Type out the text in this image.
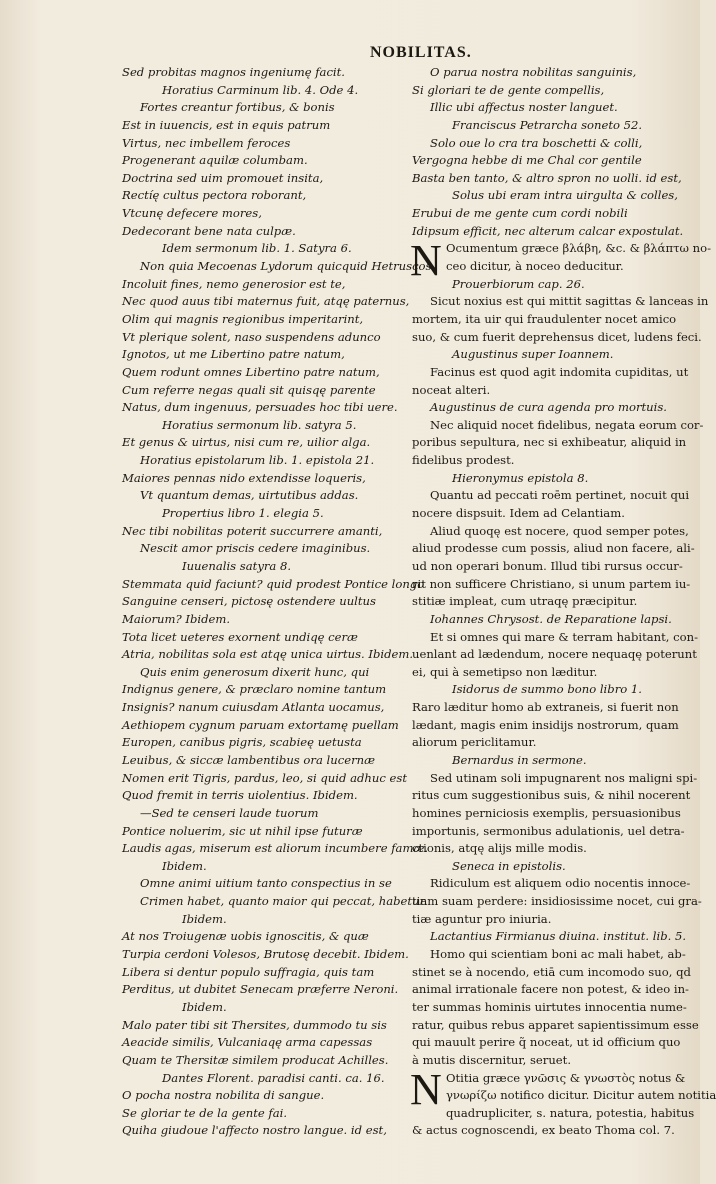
NOBILITAS.
Sed probitas magnos ingeniumę facit.
Horatius Carminum lib. 4. Ode 4.
Fortes creantur fortibus, & bonis
Est in iuuencis, est in equis patrum
Virtus, nec imbellem feroces
Progenerant aquilæ columbam.
Doctrina sed uim promouet insita,
Rectíę cultus pectora roborant,
Vtcunę defecere mores,
Dedecorant bene nata culpæ.
Idem sermonum lib. 1. Satyra 6.
Non quia Mecoenas Lydorum quicquid Hetruscos
Incoluit fines, nemo generosior est te,
Nec quod auus tibi maternus fuit, atqę paternus,
Olim qui magnis regionibus imperitarint,
Vt plerique solent, naso suspendens adunco
Ignotos, ut me Libertino patre natum,
Quem rodunt omnes Libertino patre natum,
Cum referre negas quali sit quisqę parente
Natus, dum ingenuus, persuades hoc tibi uere.
Horatius sermonum lib. satyra 5.
Et genus & uirtus, nisi cum re, uilior alga.
Horatius epistolarum lib. 1. epistola 21.
Maiores pennas nido extendisse loqueris,
Vt quantum demas, uirtutibus addas.
Propertius libro 1. elegia 5.
Nec tibi nobilitas poterit succurrere amanti,
Nescit amor priscis cedere imaginibus.
Iuuenalis satyra 8.
Stemmata quid faciunt? quid prodest Pontice longo
Sanguine censeri, pictosę ostendere uultus
Maiorum? Ibidem.
Tota licet ueteres exornent undiqę ceræ
Atria, nobilitas sola est atqę unica uirtus. Ibidem.
Quis enim generosum dixerit hunc, qui
Indignus genere, & præclaro nomine tantum
Insignis? nanum cuiusdam Atlanta uocamus,
Aethiopem cygnum paruam extortamę puellam
Europen, canibus pigris, scabieę uetusta
Leuibus, & siccæ lambentibus ora lucernæ
Nomen erit Tigris, pardus, leo, si quid adhuc est
Quod fremit in terris uiolentius. Ibidem.
—Sed te censeri laude tuorum
Pontice noluerim, sic ut nihil ipse futuræ
Laudis agas, miserum est aliorum incumbere famæ.
Ibidem.
Omne animi uitium tanto conspectius in se
Crimen habet, quanto maior qui peccat, habetur.
Ibidem.
At nos Troiugenæ uobis ignoscitis, & quæ
Turpia cerdoni Volesos, Brutosę decebit. Ibidem.
Libera si dentur populo suffragia, quis tam
Perditus, ut dubitet Senecam præferre Neroni.
Ibidem.
Malo pater tibi sit Thersites, dummodo tu sis
Aeacide similis, Vulcaniaqę arma capessas
Quam te Thersitæ similem producat Achilles.
Dantes Florent. paradisi canti. ca. 16.
O pocha nostra nobilita di sangue.
Se gloriar te de la gente fai.
Quiha giudoue l'affecto nostro langue. id est,
O parua nostra nobilitas sanguinis,
Si gloriari te de gente compellis,
Illic ubi affectus noster languet.
Franciscus Petrarcha soneto 52.
Solo oue lo cra tra boschetti & colli,
Vergogna hebbe di me Chal cor gentile
Basta ben tanto, & altro spron no uolli. id est,
Solus ubi eram intra uirgulta & colles,
Erubui de me gente cum cordi nobili
Idipsum efficit, nec alterum calcar expostulat.
Ocumentum græce βλάβη, &c. & βλάπτω no-
N ceo dicitur, à noceo deducitur.
Prouerbiorum cap. 26.
Sicut noxius est qui mittit sagittas & lanceas in
mortem, ita uir qui fraudulenter nocet amico
suo, & cum fuerit deprehensus dicet, ludens feci.
Augustinus super Ioannem.
Facinus est quod agit indomita cupiditas, ut
noceat alteri.
Augustinus de cura agenda pro mortuis.
Nec aliquid nocet fidelibus, negata eorum cor-
poribus sepultura, nec si exhibeatur, aliquid in
fidelibus prodest.
Hieronymus epistola 8.
Quantu ad peccati roēm pertinet, nocuit qui
nocere dispsuit. Idem ad Celantiam.
Aliud quoqę est nocere, quod semper potes,
aliud prodesse cum possis, aliud non facere, ali-
ud non operari bonum. Illud tibi rursus occur-
rit non sufficere Christiano, si unum partem iu-
stitiæ impleat, cum utraqę præcipitur.
Iohannes Chrysost. de Reparatione lapsi.
Et si omnes qui mare & terram habitant, con-
uenlant ad lædendum, nocere nequaqę poterunt
ei, qui à semetipso non læditur.
Isidorus de summo bono libro 1.
Raro læditur homo ab extraneis, si fuerit non
lædant, magis enim insidijs nostrorum, quam
aliorum periclitamur.
Bernardus in sermone.
Sed utinam soli impugnarent nos maligni spi-
ritus cum suggestionibus suis, & nihil nocerent
homines perniciosis exemplis, persuasionibus
importunis, sermonibus adulationis, uel detra-
ctionis, atqę alijs mille modis.
Seneca in epistolis.
Ridiculum est aliquem odio nocentis innoce-
tiam suam perdere: insidiosissime nocet, cui gra-
tiæ aguntur pro iniuria.
Lactantius Firmianus diuina. institut. lib. 5.
Homo qui scientiam boni ac mali habet, ab-
stinet se à nocendo, etiā cum incomodo suo, qd
animal irrationale facere non potest, & ideo in-
ter summas hominis uirtutes innocentia nume-
ratur, quibus rebus apparet sapientissimum esse
qui mauult perire q̃ noceat, ut id officium quo
à mutis discernitur, seruet.
Otitia græce γνῶσις & γνωστὸς notus &
N γνωρίζω notifico dicitur. Dicitur autem notitia
quadrupliciter, s. natura, potestia, habitus
& actus cognoscendi, ex beato Thoma col. 7.
